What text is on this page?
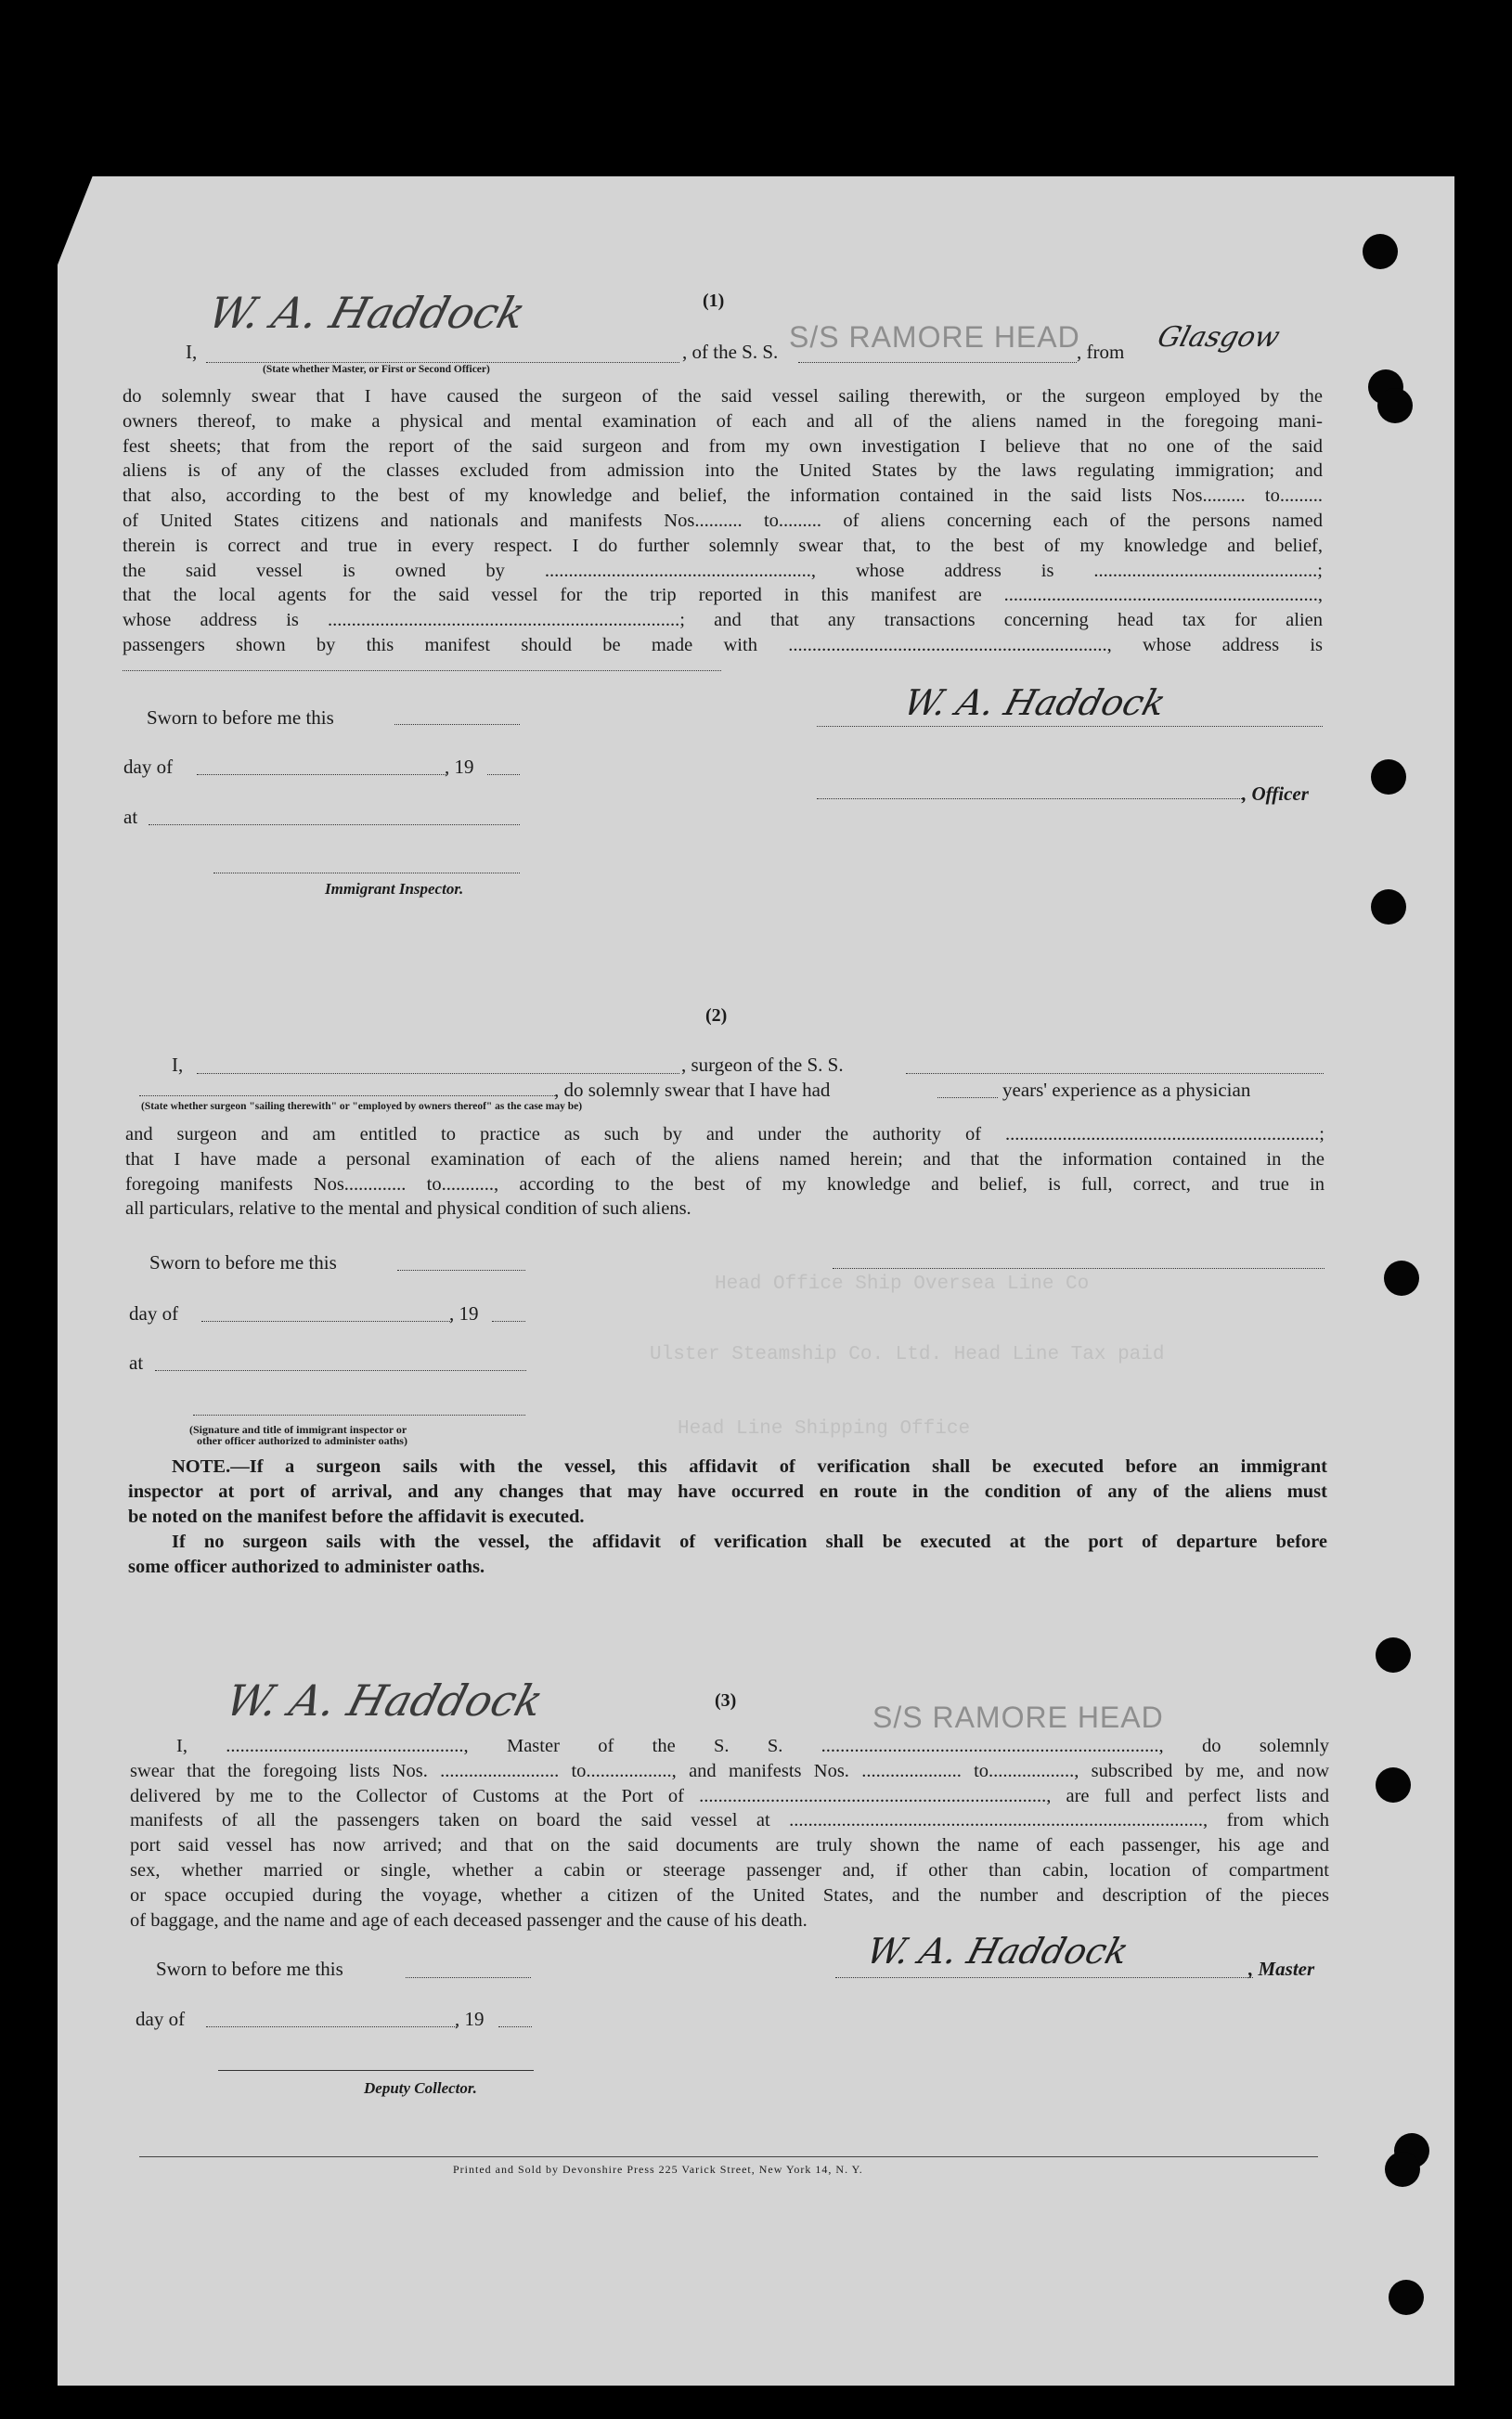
(1)
I,
W. A. Haddock
, of the S. S. S/S RAMORE HEAD
, from Glasgow
(State whether Master, or First or Second Officer)
do solemnly swear that I have caused the surgeon of the said vessel sailing therewith, or the surgeon employed by the
owners thereof, to make a physical and mental examination of each and all of the aliens named in the foregoing mani-
fest sheets; that from the report of the said surgeon and from my own investigation I believe that no one of the said
aliens is of any of the classes excluded from admission into the United States by the laws regulating immigration; and
that also, according to the best of my knowledge and belief, the information contained in the said lists Nos......... to.........
of United States citizens and nationals and manifests Nos.......... to......... of aliens concerning each of the persons named
therein is correct and true in every respect. I do further solemnly swear that, to the best of my knowledge and belief,
the said vessel is owned by ........................................................, whose address is ...............................................;
that the local agents for the said vessel for the trip reported in this manifest are ..................................................................,
whose address is ..........................................................................; and that any transactions concerning head tax for alien
passengers shown by this manifest should be made with ..................................................................., whose address is
Sworn to before me this
day of	, 19
at
Immigrant Inspector.
W. A. Haddock
, Officer
(2)
I,	, surgeon of the S. S.
, do solemnly swear that I have had	years' experience as a physician
(State whether surgeon "sailing therewith" or "employed by owners thereof" as the case may be)
and surgeon and am entitled to practice as such by and under the authority of ..................................................................;
that I have made a personal examination of each of the aliens named herein; and that the information contained in the
foregoing manifests Nos............. to..........., according to the best of my knowledge and belief, is full, correct, and true in
all particulars, relative to the mental and physical condition of such aliens.
Sworn to before me this
day of	, 19
at
(Signature and title of immigrant inspector or
other officer authorized to administer oaths)
Head Office Ship Oversea Line Co
Ulster Steamship Co. Ltd. Head Line Tax paid
Head Line Shipping Office
NOTE.—If a surgeon sails with the vessel, this affidavit of verification shall be executed before an immigrant
inspector at port of arrival, and any changes that may have occurred en route in the condition of any of the aliens must
be noted on the manifest before the affidavit is executed.
If no surgeon sails with the vessel, the affidavit of verification shall be executed at the port of departure before
some officer authorized to administer oaths.
W. A. Haddock	(3)	S/S RAMORE HEAD
I, .................................................., Master of the S. S. ......................................................................., do solemnly
swear that the foregoing lists Nos. ......................... to.................., and manifests Nos. ..................... to.................., subscribed by me, and now
delivered by me to the Collector of Customs at the Port of ........................................................................., are full and perfect lists and
manifests of all the passengers taken on board the said vessel at ......................................................................................., from which
port said vessel has now arrived; and that on the said documents are truly shown the name of each passenger, his age and
sex, whether married or single, whether a cabin or steerage passenger and, if other than cabin, location of compartment
or space occupied during the voyage, whether a citizen of the United States, and the number and description of the pieces
of baggage, and the name and age of each deceased passenger and the cause of his death.
Sworn to before me this
day of	, 19
Deputy Collector.
W. A. Haddock	, Master
Printed and Sold by Devonshire Press 225 Varick Street, New York 14, N. Y.
